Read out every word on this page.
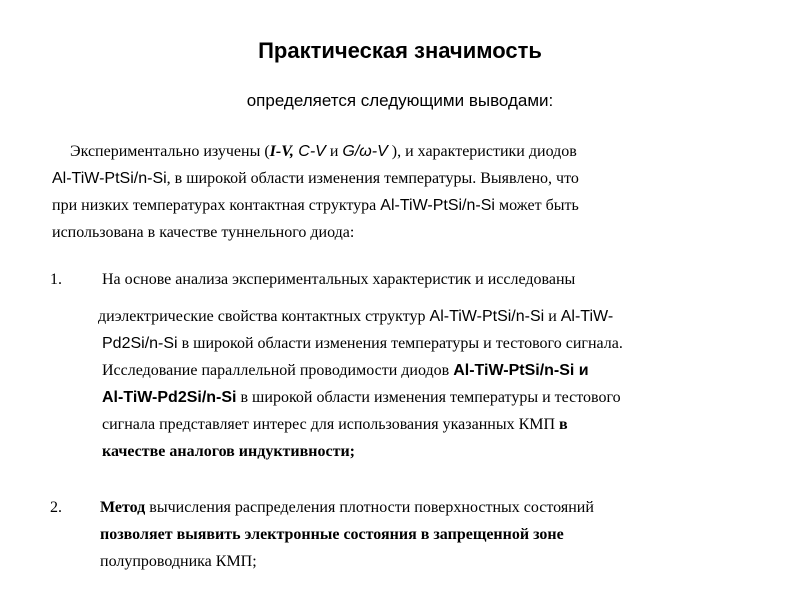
Практическая значимость
определяется следующими выводами:
Экспериментально изучены (I-V, C-V и G/ω-V ), и характеристики диодов
Al-TiW-PtSi/n-Si, в широкой области изменения температуры. Выявлено, что
при низких температурах контактная структура Al-TiW-PtSi/n-Si может быть
использована в качестве туннельного диода:
1.	На основе анализа экспериментальных характеристик и исследованы
диэлектрические свойства контактных структур Al-TiW-PtSi/n-Si и Al-TiW-
Pd2Si/n-Si в широкой области изменения температуры и тестового сигнала.
Исследование параллельной проводимости диодов Al-TiW-PtSi/n-Si и
Al-TiW-Pd2Si/n-Si в широкой области изменения температуры и тестового
сигнала представляет интерес для использования указанных КМП в
качестве аналогов индуктивности;
2. Метод вычисления распределения плотности поверхностных состояний
позволяет выявить электронные состояния в запрещенной зоне
полупроводника КМП;
